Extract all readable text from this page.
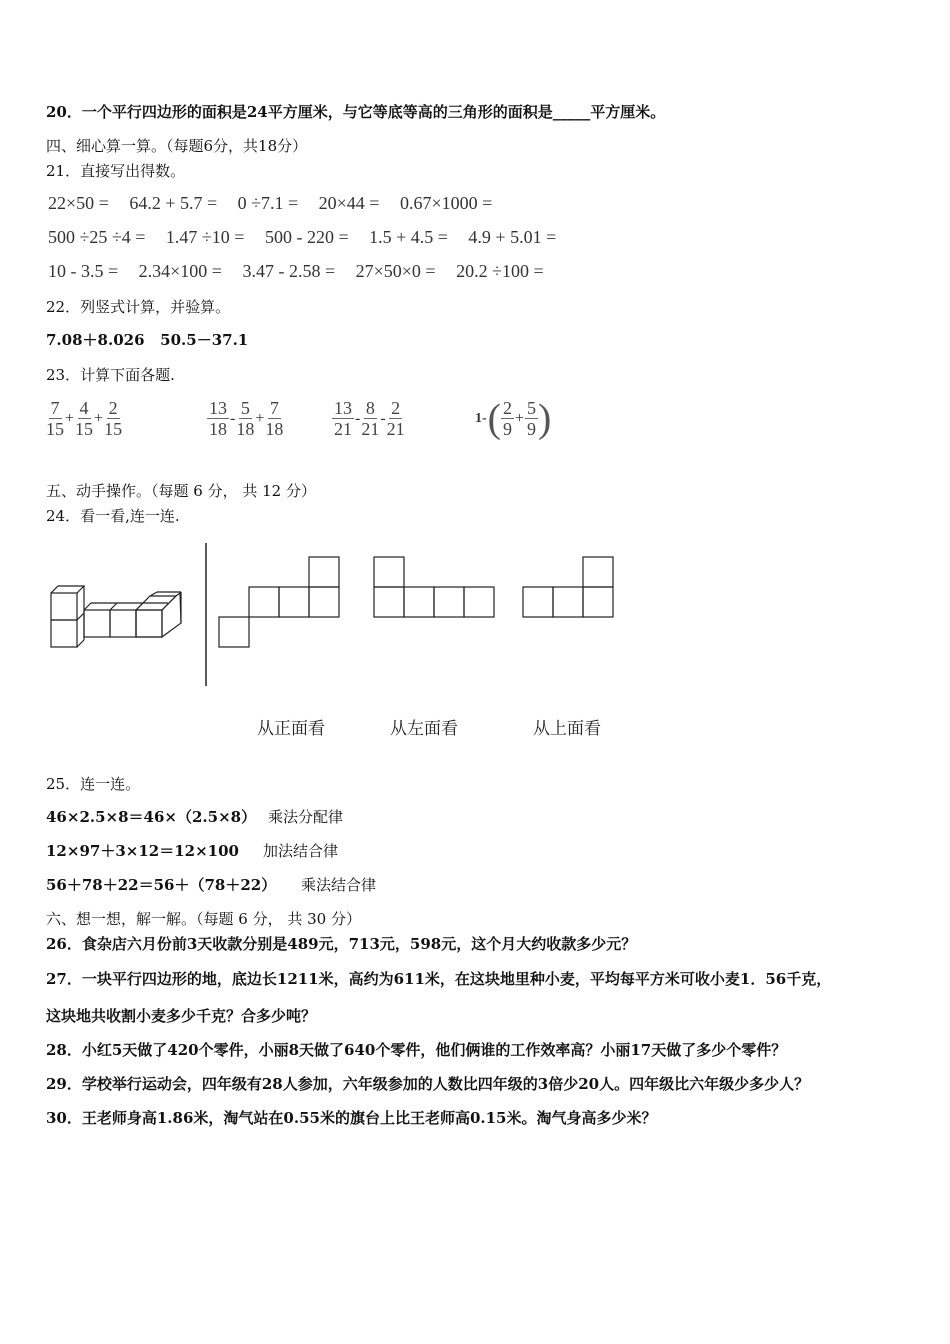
20．一个平行四边形的面积是24平方厘米，与它等底等高的三角形的面积是_____平方厘米。
四、细心算一算。（每题6分，共18分）
21．直接写出得数。
22×50 = 64.2 + 5.7 = 0 ÷7.1 = 20×44 = 0.67×1000 =
500 ÷25 ÷4 = 1.47 ÷10 = 500 - 220 = 1.5 + 4.5 = 4.9 + 5.01 =
10 - 3.5 = 2.34×100 = 3.47 - 2.58 = 27×50×0 = 20.2 ÷100 =
22．列竖式计算，并验算。
7.08＋8.026   50.5－37.1
23．计算下面各题.
$\frac{7}{15} + \frac{4}{15} + \frac{2}{15}$	$\frac{13}{18} - \frac{5}{18} + \frac{7}{18}$	$\frac{13}{21} - \frac{8}{21} - \frac{2}{21}$	$1-( \frac{2}{9} + \frac{5}{9}$ )
五、动手操作。（每题 6 分， 共 12 分）
24．看一看,连一连.
从正面看	从左面看	从上面看
25．连一连。
46×2.5×8＝46×（2.5×8） 乘法分配律
12×97＋3×12＝12×100 加法结合律
56＋78＋22＝56＋（78＋22） 乘法结合律
六、想一想，解一解。（每题 6 分， 共 30 分）
26．食杂店六月份前3天收款分别是489元，713元，598元，这个月大约收款多少元？
27．一块平行四边形的地，底边长1211米，高约为611米，在这块地里种小麦，平均每平方米可收小麦1．56千克，
这块地共收割小麦多少千克？合多少吨？
28．小红5天做了420个零件，小丽8天做了640个零件，他们俩谁的工作效率高？小丽17天做了多少个零件？
29．学校举行运动会，四年级有28人参加，六年级参加的人数比四年级的3倍少20人。四年级比六年级少多少人？
30．王老师身高1.86米，淘气站在0.55米的旗台上比王老师高0.15米。淘气身高多少米？
